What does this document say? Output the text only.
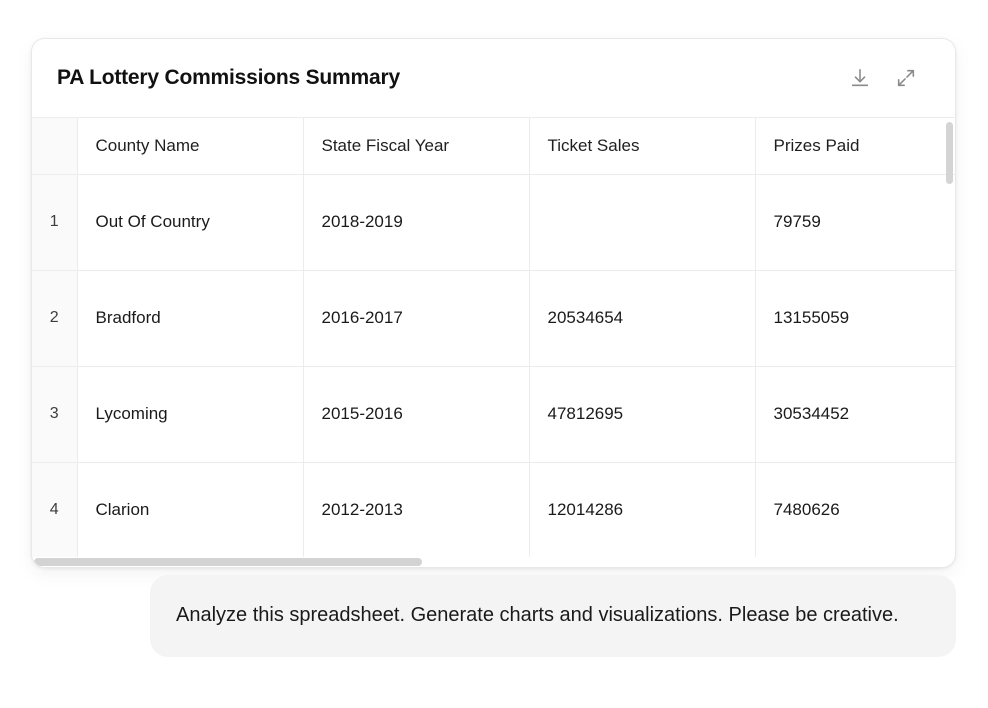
PA Lottery Commissions Summary
	County Name	State Fiscal Year	Ticket Sales	Prizes Paid	
1	Out Of Country	2018-2019		79759	
2	Bradford	2016-2017	20534654	13155059	
3	Lycoming	2015-2016	47812695	30534452	
4	Clarion	2012-2013	12014286	7480626	

Analyze this spreadsheet. Generate charts and visualizations. Please be creative.
